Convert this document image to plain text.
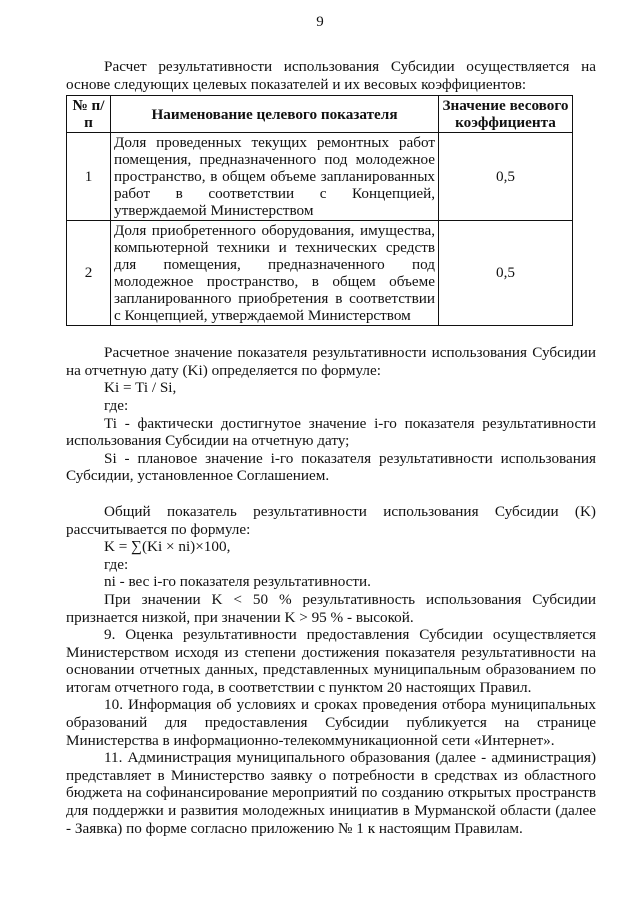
9

Расчет результативности использования Субсидии осуществляется на основе следующих целевых показателей и их весовых коэффициентов:

№ п/п	Наименование целевого показателя	Значение весового коэффициента
1	Доля проведенных текущих ремонтных работ помещения, предназначенного под молодежное пространство, в общем объеме запланированных работ в соответствии с Концепцией, утверждаемой Министерством	0,5
2	Доля приобретенного оборудования, имущества, компьютерной техники и технических средств для помещения, предназначенного под молодежное пространство, в общем объеме запланированного приобретения в соответствии с Концепцией, утверждаемой Министерством	0,5

Расчетное значение показателя результативности использования Субсидии на отчетную дату (Ki) определяется по формуле:

Ki = Ti / Si,

где:

Ti - фактически достигнутое значение i-го показателя результативности использования Субсидии на отчетную дату;

Si - плановое значение i-го показателя результативности использования Субсидии, установленное Соглашением.

Общий показатель результативности использования Субсидии (K) рассчитывается по формуле:

K = ∑(Ki × ni)×100,

где:

ni - вес i-го показателя результативности.

При значении K < 50 % результативность использования Субсидии признается низкой, при значении K > 95 % - высокой.

9. Оценка результативности предоставления Субсидии осуществляется Министерством исходя из степени достижения показателя результативности на основании отчетных данных, представленных муниципальным образованием по итогам отчетного года, в соответствии с пунктом 20 настоящих Правил.

10. Информация об условиях и сроках проведения отбора муниципальных образований для предоставления Субсидии публикуется на странице Министерства в информационно-телекоммуникационной сети «Интернет».

11. Администрация муниципального образования (далее - администрация) представляет в Министерство заявку о потребности в средствах из областного бюджета на софинансирование мероприятий по созданию открытых пространств для поддержки и развития молодежных инициатив в Мурманской области (далее - Заявка) по форме согласно приложению № 1 к настоящим Правилам.
